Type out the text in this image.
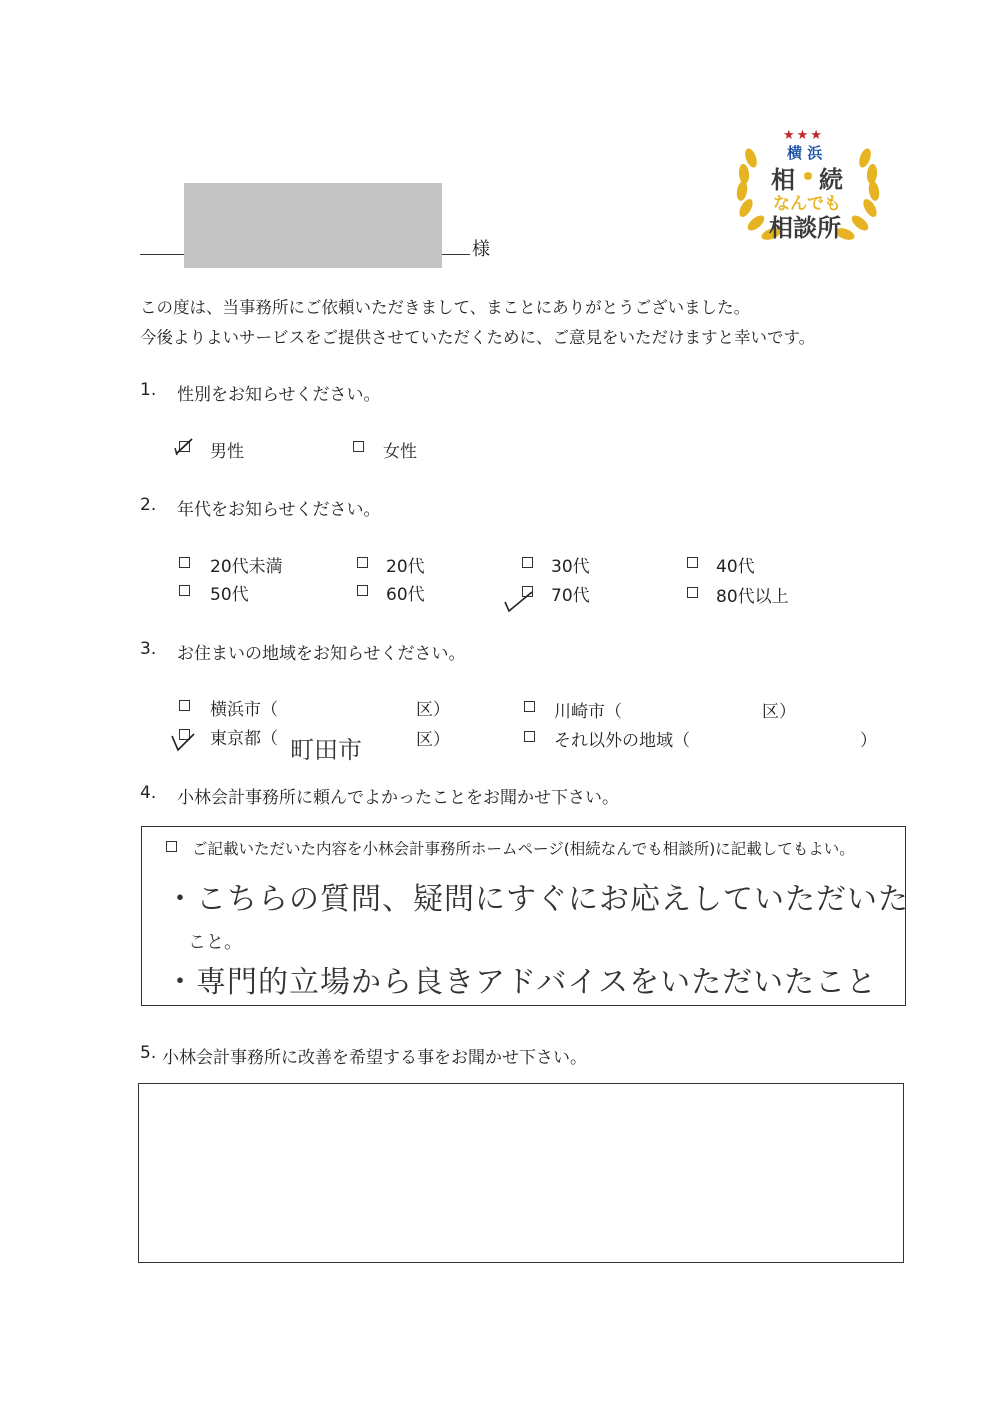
★★★
横 浜
相 続
なんでも
相談所
様
この度は、当事務所にご依頼いただきまして、まことにありがとうございました。
今後よりよいサービスをご提供させていただくために、ご意見をいただけますと幸いです。
1. 性別をお知らせください。
男性	女性
2. 年代をお知らせください。
20代未満	20代	30代	40代
50代	60代	70代	80代以上
3. お住まいの地域をお知らせください。
横浜市（	区）	川崎市（	区）
東京都（ 町田市	区）	それ以外の地域（	）
4. 小林会計事務所に頼んでよかったことをお聞かせ下さい。
ご記載いただいた内容を小林会計事務所ホームページ(相続なんでも相談所)に記載してもよい。
・こちらの質問、疑問にすぐにお応えしていただいた
こと。
・専門的立場から良きアドバイスをいただいたこと
5. 小林会計事務所に改善を希望する事をお聞かせ下さい。
